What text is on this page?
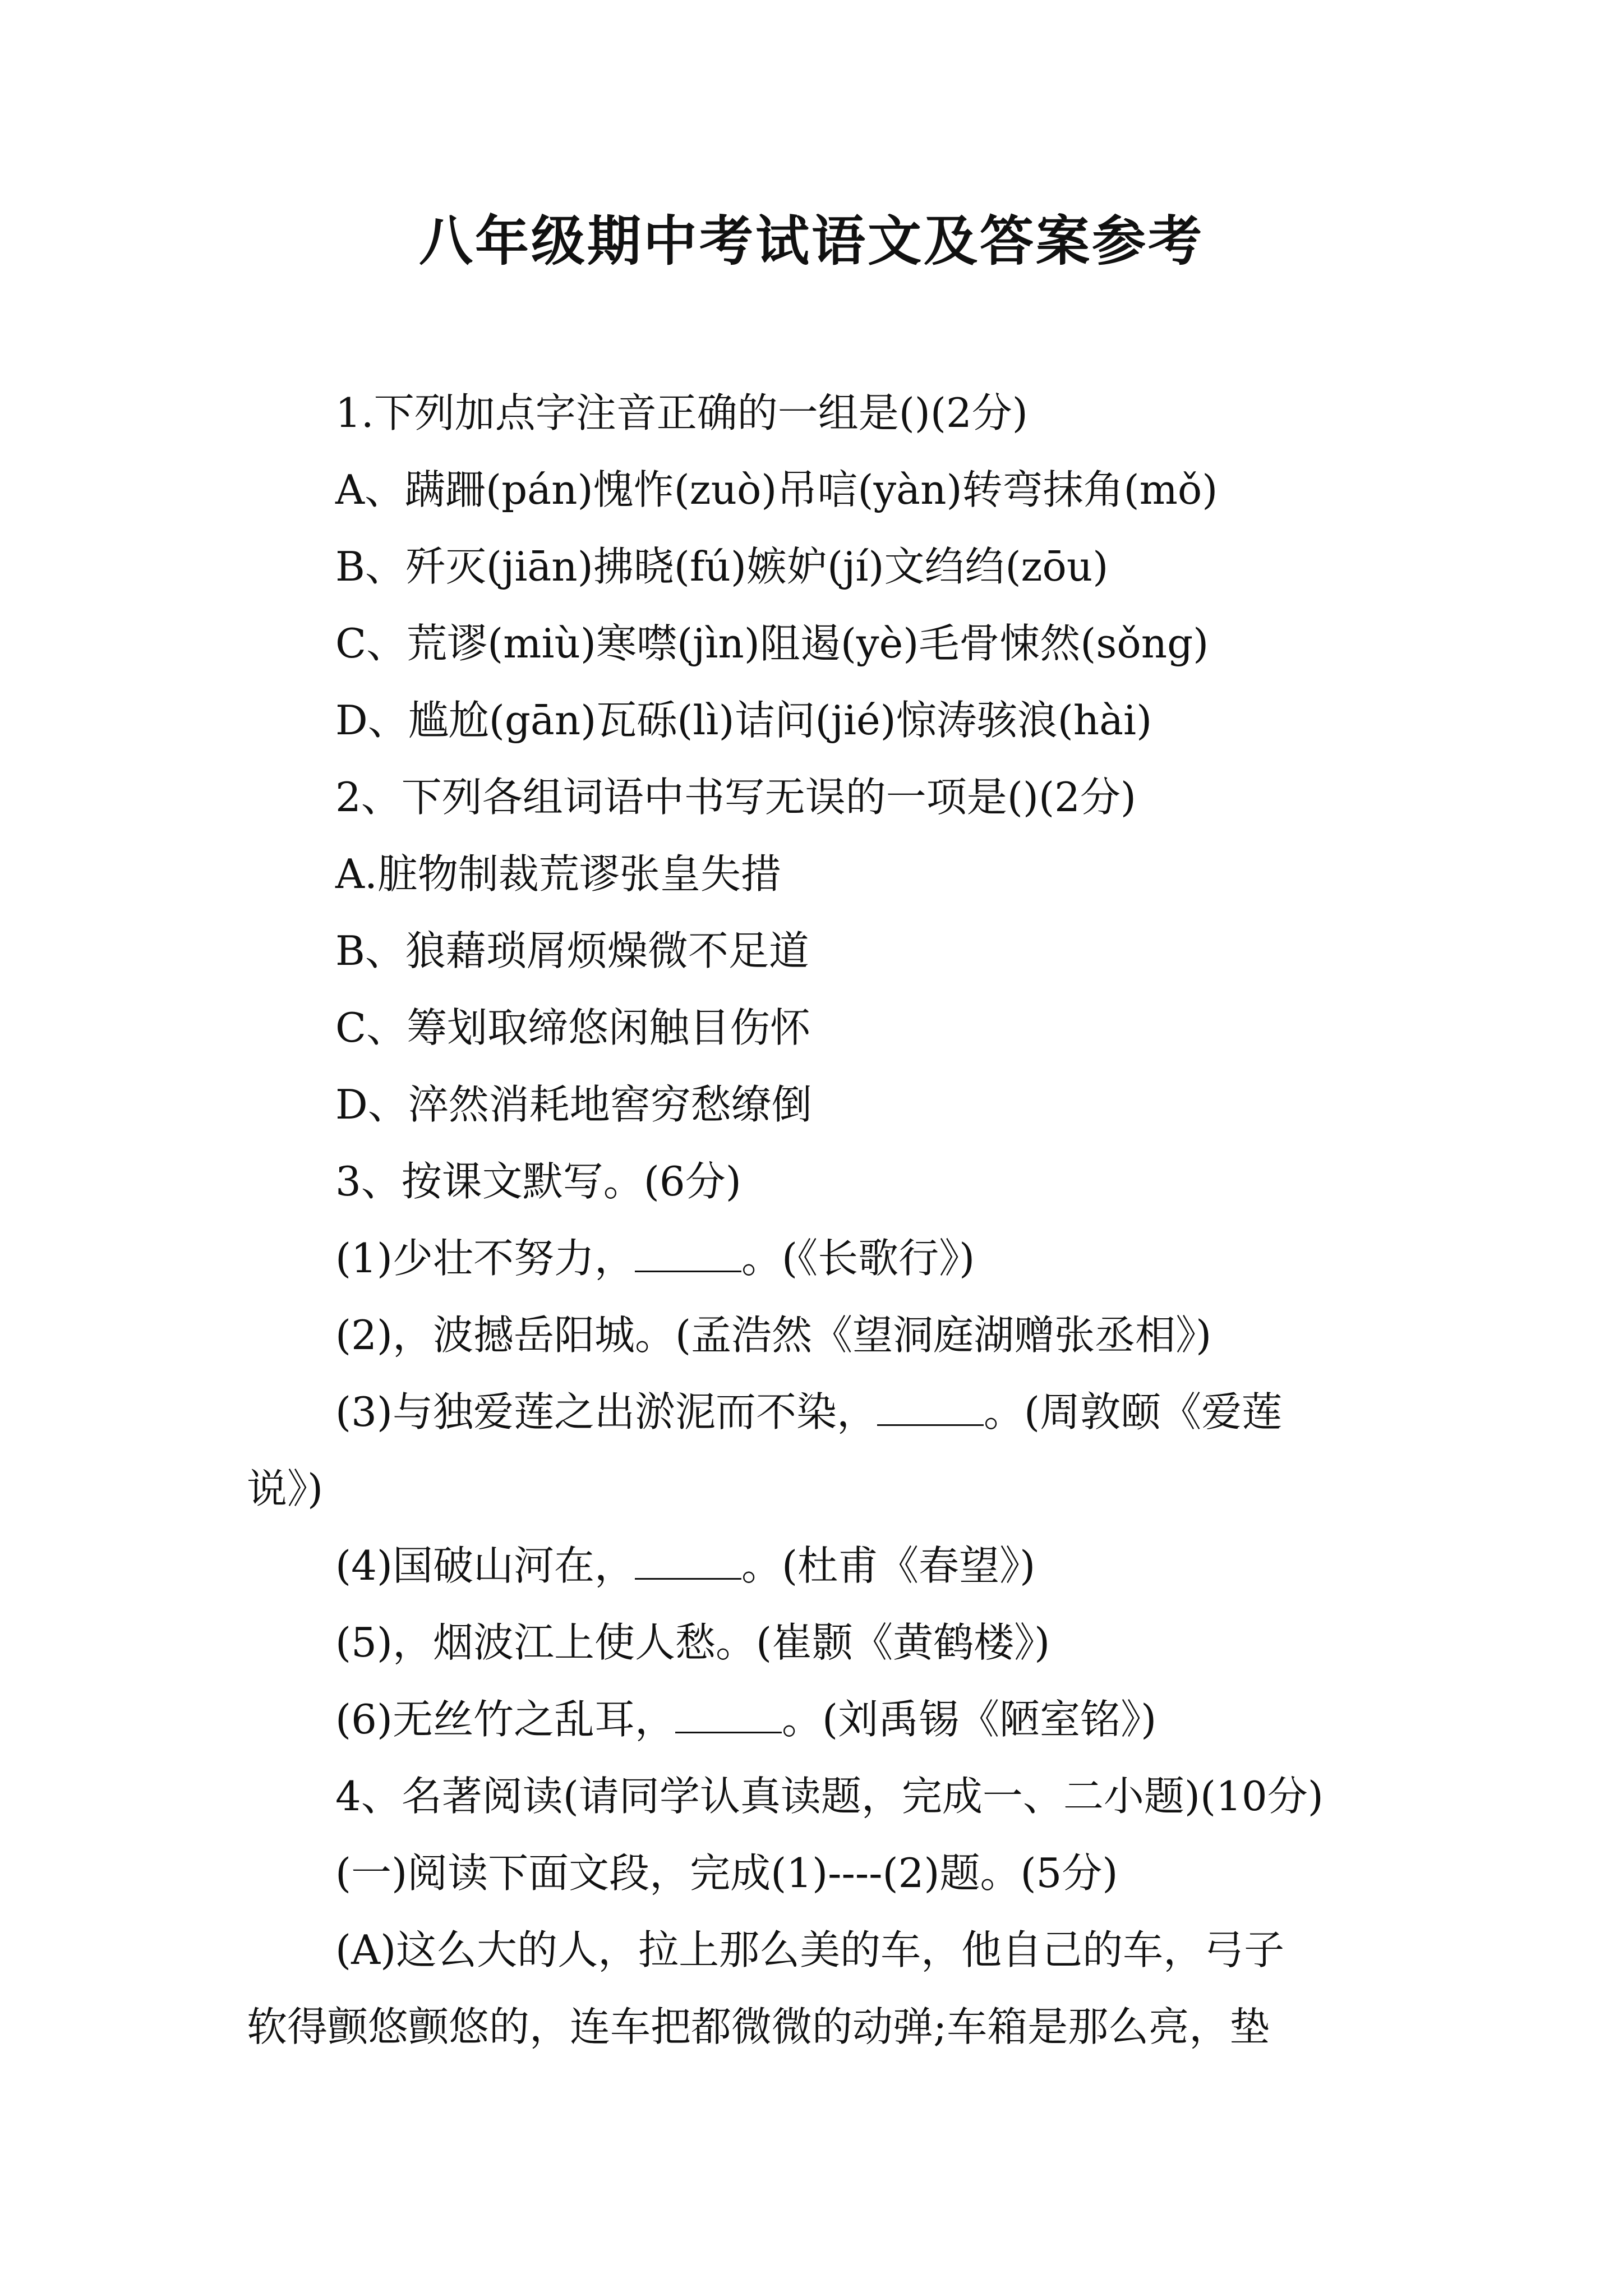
八年级期中考试语文及答案参考
1.下列加点字注音正确的一组是()(2分)
A、蹒跚(pán)愧怍(zuò)吊唁(yàn)转弯抹角(mǒ)
B、歼灭(jiān)拂晓(fú)嫉妒(jí)文绉绉(zōu)
C、荒谬(miù)寒噤(jìn)阻遏(yè)毛骨悚然(sǒng)
D、尴尬(gān)瓦砾(lì)诘问(jié)惊涛骇浪(hài)
2、下列各组词语中书写无误的一项是()(2分)
A.脏物制裁荒谬张皇失措
B、狼藉琐屑烦燥微不足道
C、筹划取缔悠闲触目伤怀
D、淬然消耗地窖穷愁缭倒
3、按课文默写。(6分)
(1)少壮不努力，	。(《长歌行》)
(2)，波撼岳阳城。(孟浩然《望洞庭湖赠张丞相》)
(3)与独爱莲之出淤泥而不染，	。(周敦颐《爱莲
说》)
(4)国破山河在，	。(杜甫《春望》)
(5)，烟波江上使人愁。(崔颢《黄鹤楼》)
(6)无丝竹之乱耳，	。(刘禹锡《陋室铭》)
4、名著阅读(请同学认真读题，完成一、二小题)(10分)
(一)阅读下面文段，完成(1)----(2)题。(5分)
(A)这么大的人，拉上那么美的车，他自己的车，弓子
软得颤悠颤悠的，连车把都微微的动弹;车箱是那么亮，垫
